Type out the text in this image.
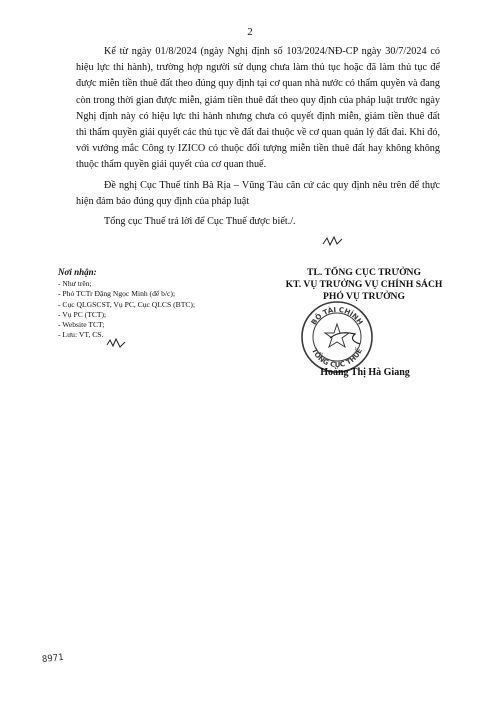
2

Kể từ ngày 01/8/2024 (ngày Nghị định số 103/2024/NĐ-CP ngày 30/7/2024 có hiệu lực thi hành), trường hợp người sử dụng chưa làm thủ tục hoặc đã làm thủ tục để được miễn tiền thuê đất theo đúng quy định tại cơ quan nhà nước có thẩm quyền và đang còn trong thời gian được miễn, giảm tiền thuê đất theo quy định của pháp luật trước ngày Nghị định này có hiệu lực thi hành nhưng chưa có quyết định miễn, giảm tiền thuê đất thì thẩm quyền giải quyết các thủ tục về đất đai thuộc về cơ quan quản lý đất đai. Khi đó, với vướng mắc Công ty IZICO có thuộc đối tượng miễn tiền thuê đất hay không không thuộc thẩm quyền giải quyết của cơ quan thuế.

Đề nghị Cục Thuế tỉnh Bà Rịa – Vũng Tàu căn cứ các quy định nêu trên để thực hiện đảm bảo đúng quy định của pháp luật

Tổng cục Thuế trả lời để Cục Thuế được biết./.

Nơi nhận:
- Như trên;
- Phó TCTr Đặng Ngọc Minh (để b/c);
- Cục QLGSCST, Vụ PC, Cục QLCS (BTC);
- Vụ PC (TCT);
- Website TCT;
- Lưu: VT, CS.
TL. TỔNG CỤC TRƯỞNG
KT. VỤ TRƯỞNG VỤ CHÍNH SÁCH
PHÓ VỤ TRƯỞNG
BỘ TÀI CHÍNH
TỔNG CỤC THUẾ
Hoàng Thị Hà Giang
8971
